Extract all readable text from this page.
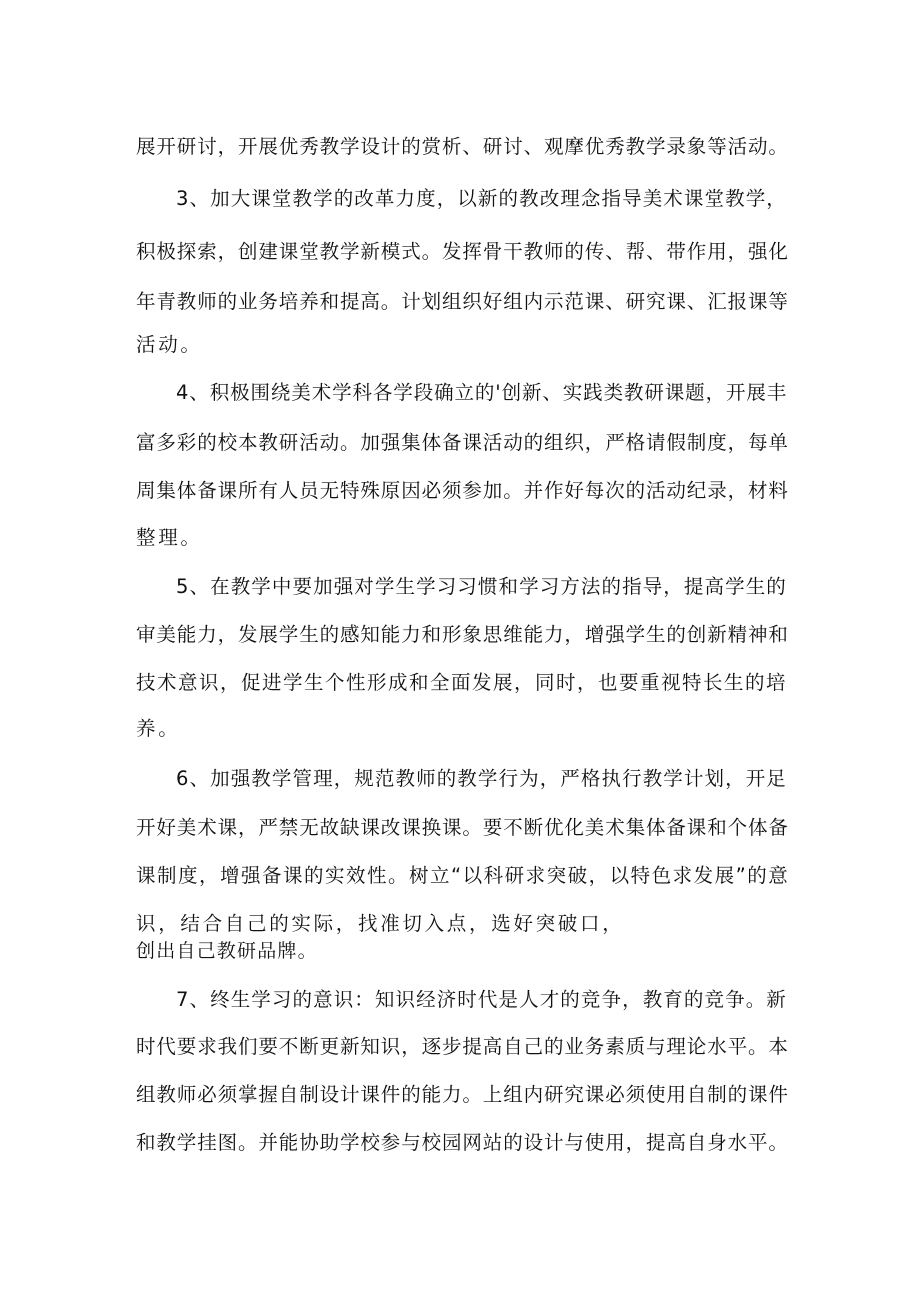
展开研讨，开展优秀教学设计的赏析、研讨、观摩优秀教学录象等活动。
3、加大课堂教学的改革力度，以新的教改理念指导美术课堂教学，
积极探索，创建课堂教学新模式。发挥骨干教师的传、帮、带作用，强化
年青教师的业务培养和提高。计划组织好组内示范课、研究课、汇报课等
活动。
4、积极围绕美术学科各学段确立的'创新、实践类教研课题，开展丰
富多彩的校本教研活动。加强集体备课活动的组织，严格请假制度，每单
周集体备课所有人员无特殊原因必须参加。并作好每次的活动纪录，材料
整理。
5、在教学中要加强对学生学习习惯和学习方法的指导，提高学生的
审美能力，发展学生的感知能力和形象思维能力，增强学生的创新精神和
技术意识，促进学生个性形成和全面发展，同时，也要重视特长生的培
养。
6、加强教学管理，规范教师的教学行为，严格执行教学计划，开足
开好美术课，严禁无故缺课改课换课。要不断优化美术集体备课和个体备
课制度，增强备课的实效性。树立“以科研求突破，以特色求发展”的意
识，结合自己的实际，找准切入点，选好突破口，
创出自己教研品牌。
7、终生学习的意识：知识经济时代是人才的竞争，教育的竞争。新
时代要求我们要不断更新知识，逐步提高自己的业务素质与理论水平。本
组教师必须掌握自制设计课件的能力。上组内研究课必须使用自制的课件
和教学挂图。并能协助学校参与校园网站的设计与使用，提高自身水平。
